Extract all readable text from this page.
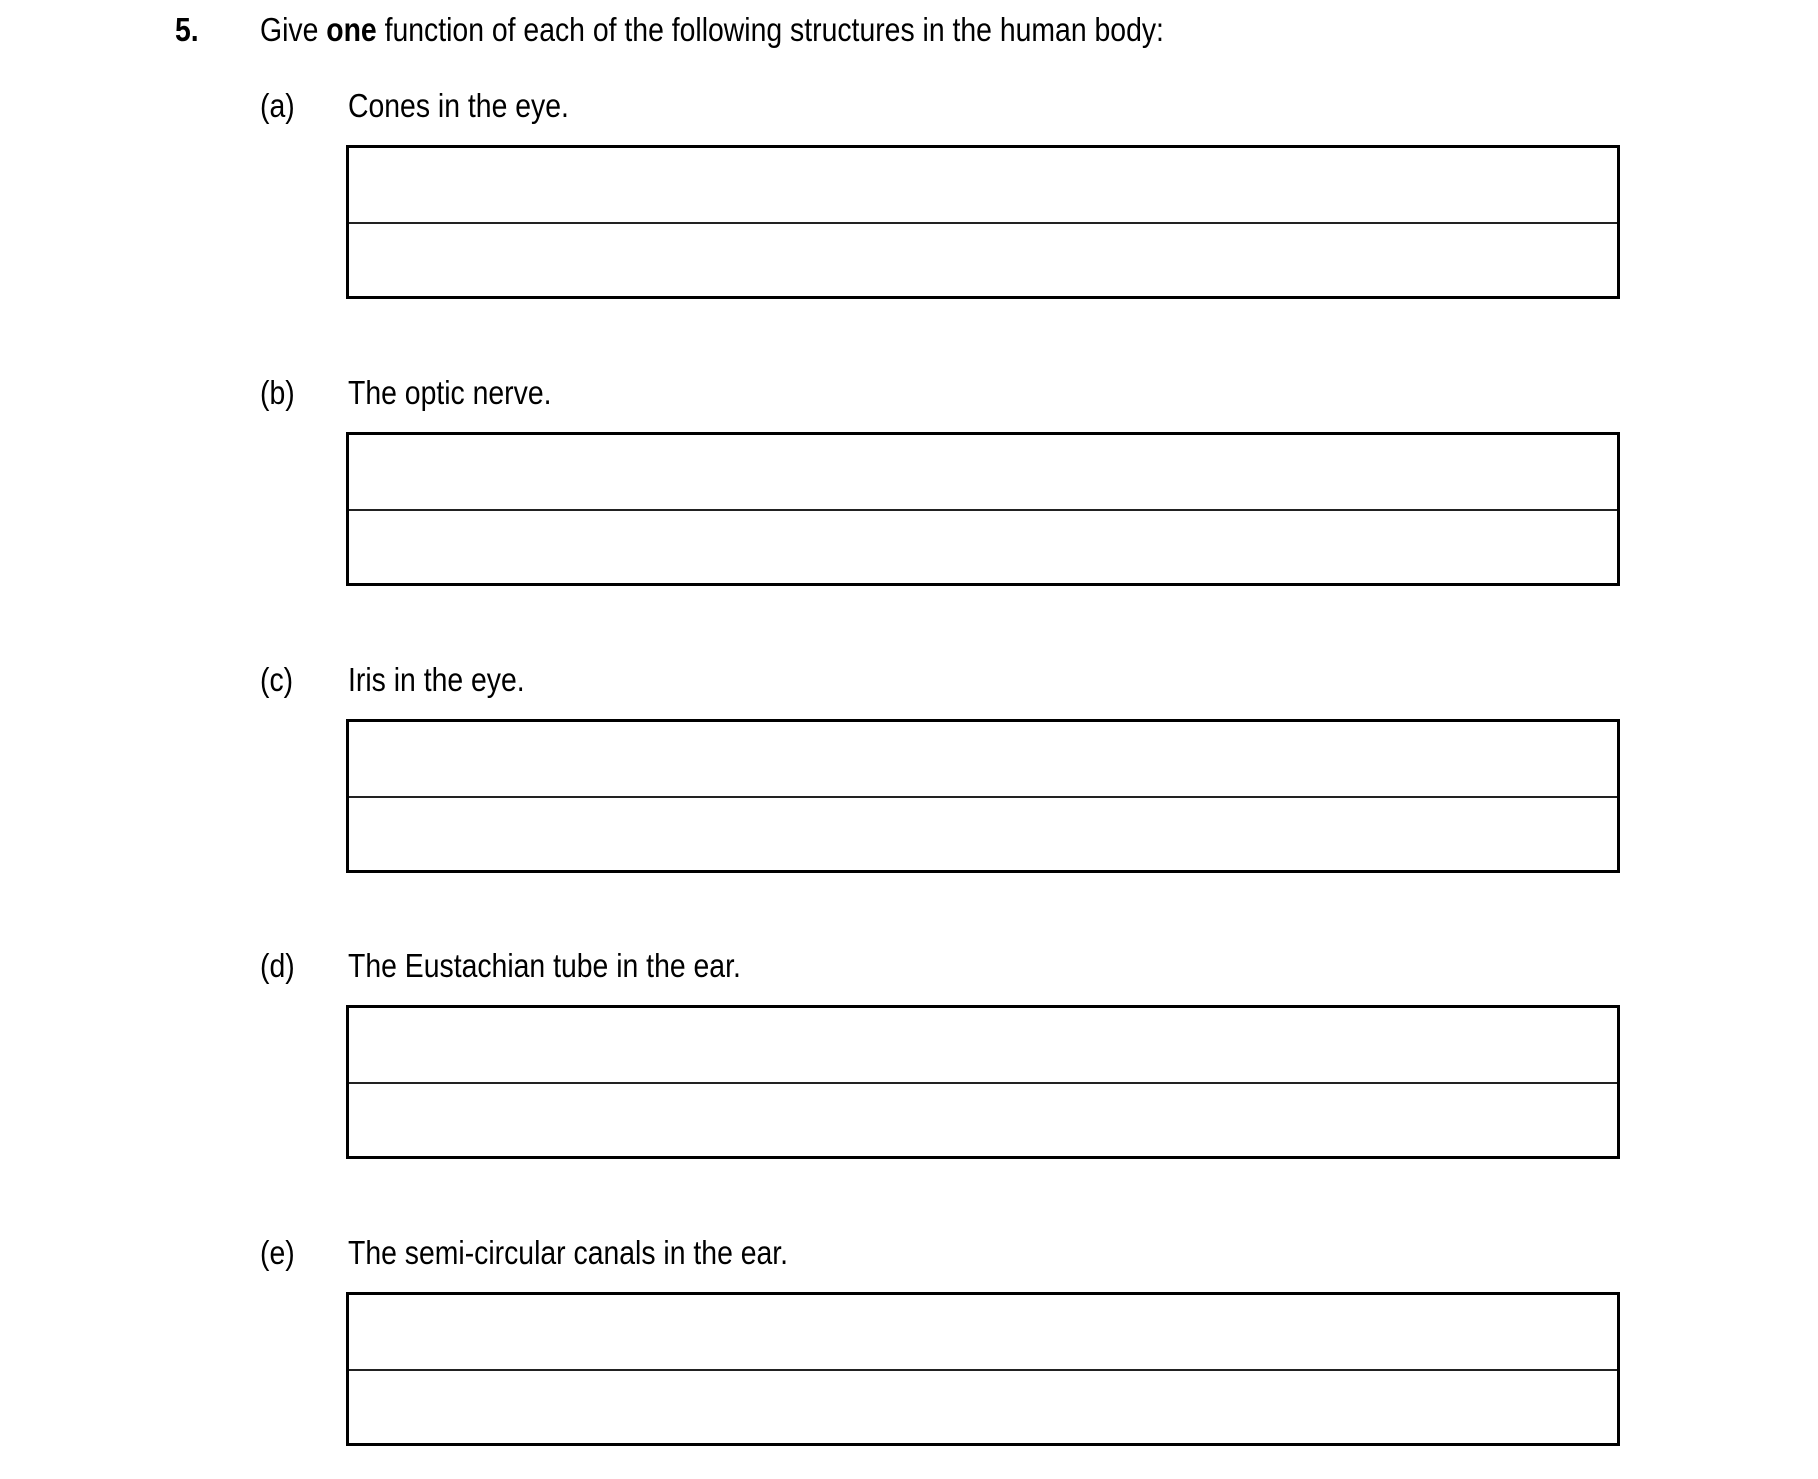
5. Give one function of each of the following structures in the human body:
(a) Cones in the eye.
(b) The optic nerve.
(c) Iris in the eye.
(d) The Eustachian tube in the ear.
(e) The semi-circular canals in the ear.
